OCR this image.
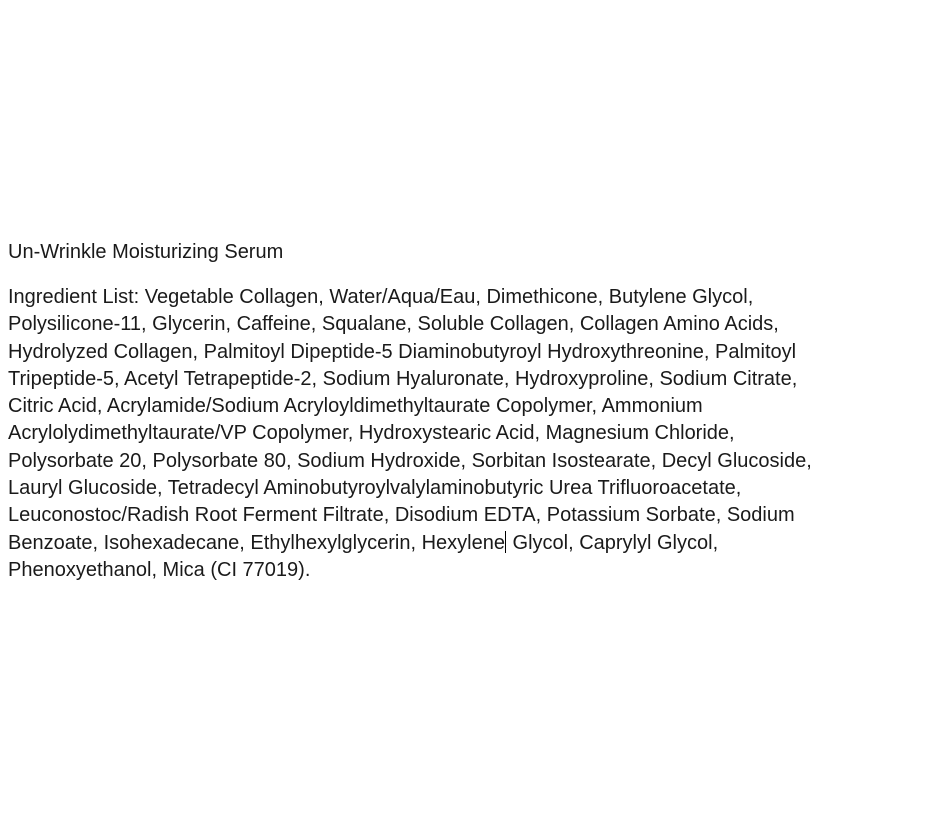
Un-Wrinkle Moisturizing Serum

Ingredient List: Vegetable Collagen, Water/Aqua/Eau, Dimethicone, Butylene Glycol,
Polysilicone-11, Glycerin, Caffeine, Squalane, Soluble Collagen, Collagen Amino Acids,
Hydrolyzed Collagen, Palmitoyl Dipeptide-5 Diaminobutyroyl Hydroxythreonine, Palmitoyl
Tripeptide-5, Acetyl Tetrapeptide-2, Sodium Hyaluronate, Hydroxyproline, Sodium Citrate,
Citric Acid, Acrylamide/Sodium Acryloyldimethyltaurate Copolymer, Ammonium
Acrylolydimethyltaurate/VP Copolymer, Hydroxystearic Acid, Magnesium Chloride,
Polysorbate 20, Polysorbate 80, Sodium Hydroxide, Sorbitan Isostearate, Decyl Glucoside,
Lauryl Glucoside, Tetradecyl Aminobutyroylvalylaminobutyric Urea Trifluoroacetate,
Leuconostoc/Radish Root Ferment Filtrate, Disodium EDTA, Potassium Sorbate, Sodium
Benzoate, Isohexadecane, Ethylhexylglycerin, Hexylene Glycol, Caprylyl Glycol,
Phenoxyethanol, Mica (CI 77019).
